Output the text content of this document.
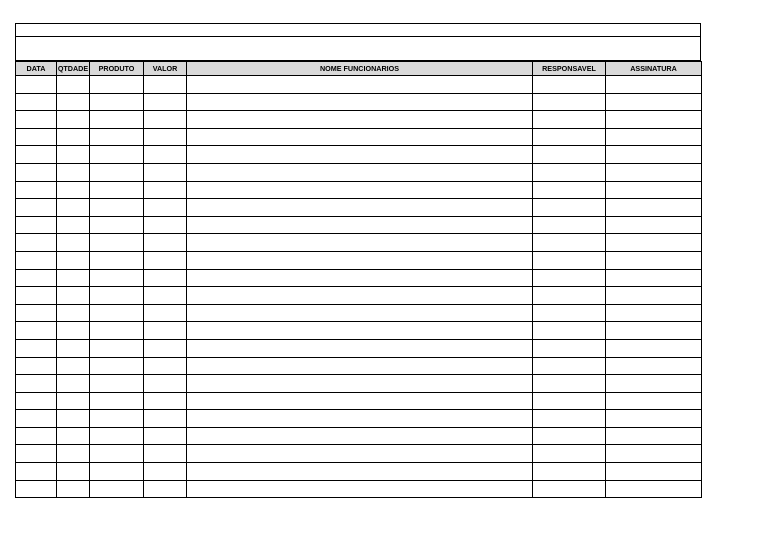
DATA	QTDADE	PRODUTO	VALOR	NOME FUNCIONARIOS	RESPONSAVEL	ASSINATURA
